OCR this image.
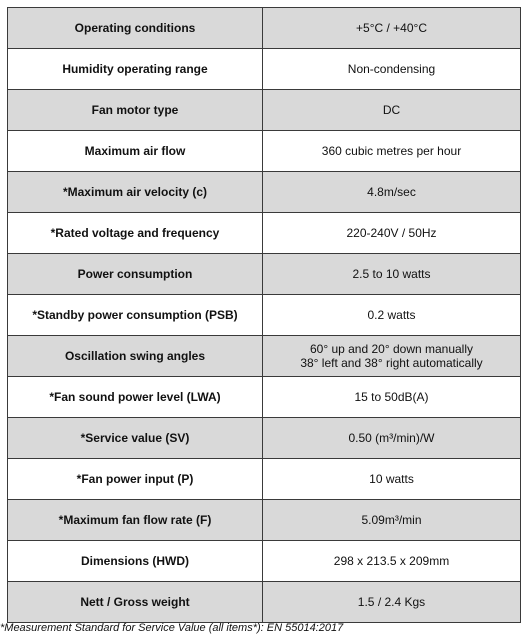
Operating conditions	+5°C / +40°C
Humidity operating range	Non-condensing
Fan motor type	DC
Maximum air flow	360 cubic metres per hour
*Maximum air velocity (c)	4.8m/sec
*Rated voltage and frequency	220-240V / 50Hz
Power consumption	2.5 to 10 watts
*Standby power consumption (PSB)	0.2 watts
Oscillation swing angles	60° up and 20° down manually
38° left and 38° right automatically

*Fan sound power level (LWA)	15 to 50dB(A)
*Service value (SV)	0.50 (m³/min)/W
*Fan power input (P)	10 watts
*Maximum fan flow rate (F)	5.09m³/min
Dimensions (HWD)	298 x 213.5 x 209mm
Nett / Gross weight	1.5 / 2.4 Kgs
*Measurement Standard for Service Value (all items*): EN 55014:2017
